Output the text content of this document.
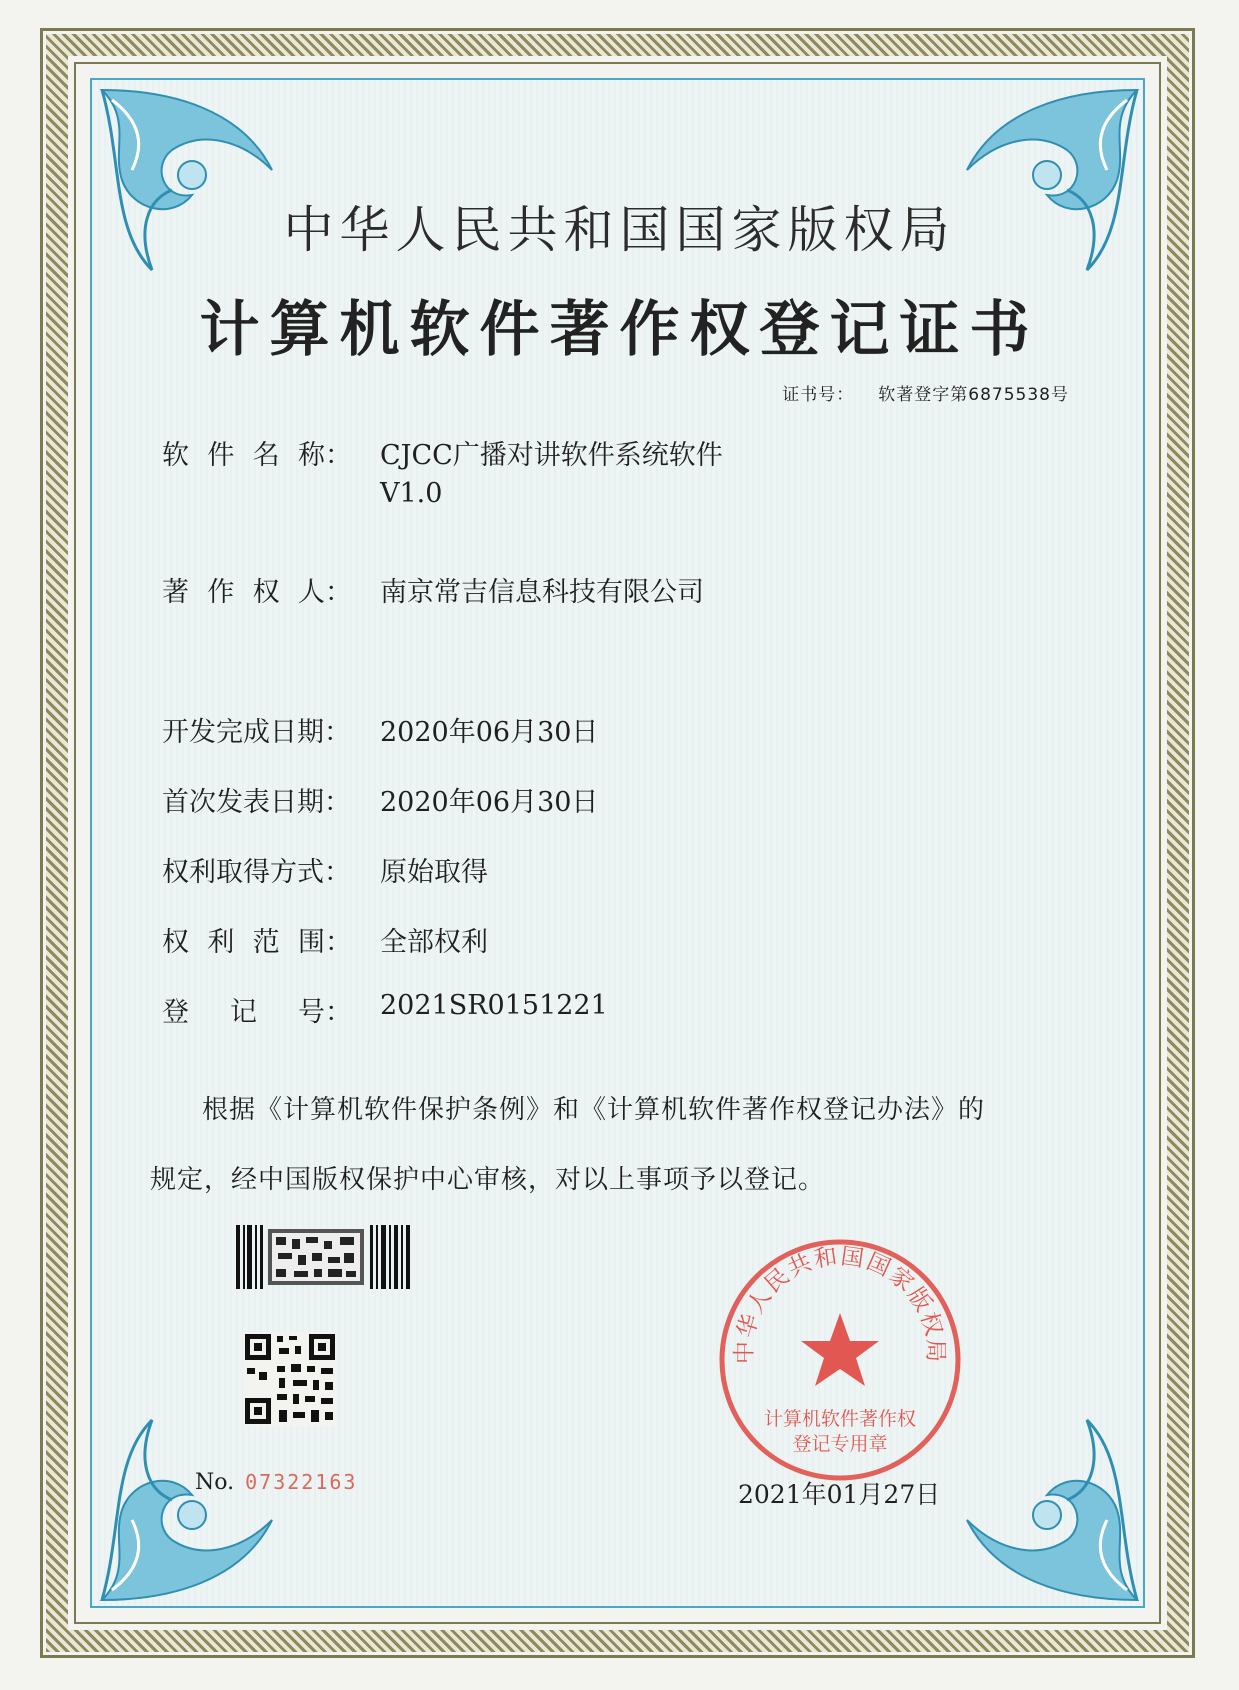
中华人民共和国国家版权局
计算机软件著作权登记证书
证书号： 软著登字第6875538号
软 件 名 称： CJCC广播对讲软件系统软件
V1.0
著 作 权 人： 南京常吉信息科技有限公司
开发完成日期： 2020年06月30日
首次发表日期： 2020年06月30日
权利取得方式： 原始取得
权 利 范 围： 全部权利
登 记 号： 2021SR0151221
根据《计算机软件保护条例》和《计算机软件著作权登记办法》的
规定，经中国版权保护中心审核，对以上事项予以登记。
No. 07322163
中华人民共和国国家版权局
计算机软件著作权
登记专用章
2021年01月27日
